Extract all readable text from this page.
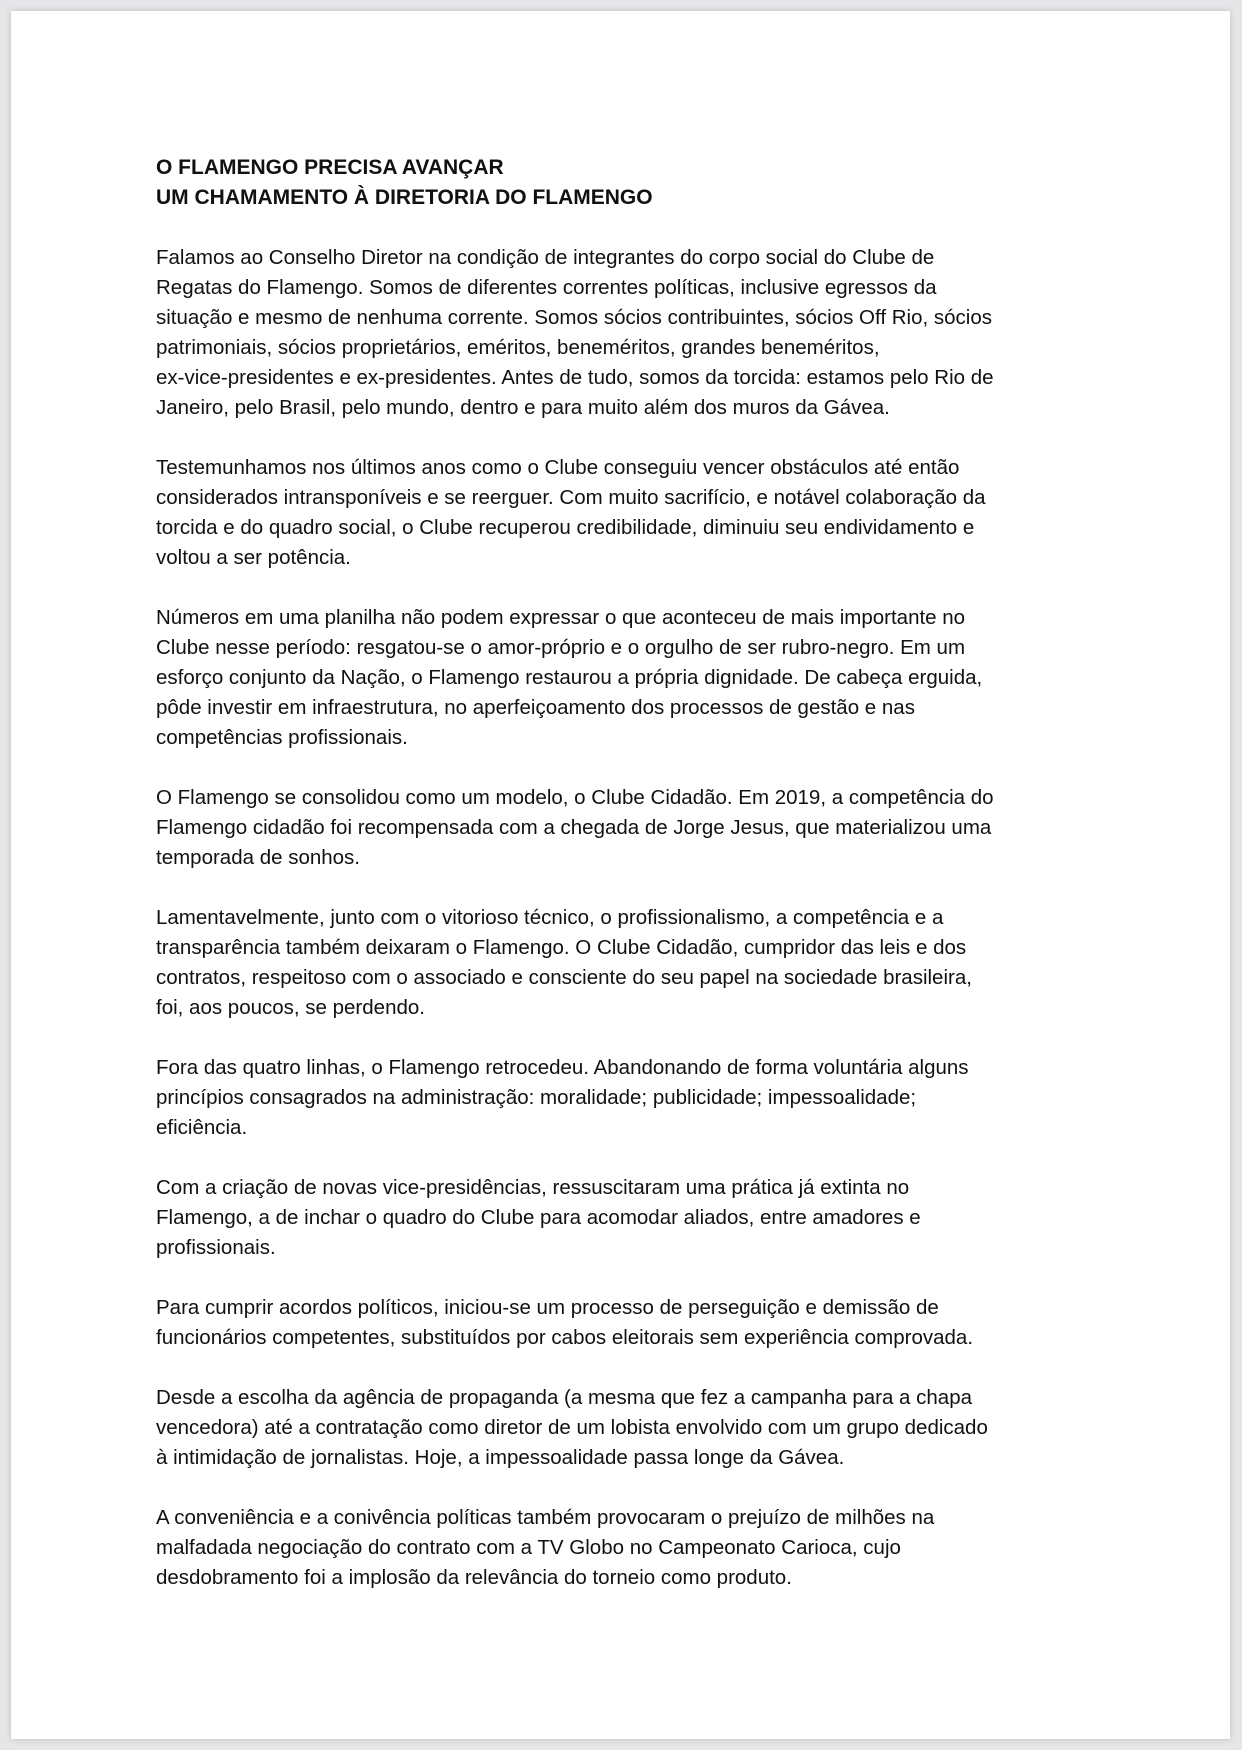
O FLAMENGO PRECISA AVANÇAR
UM CHAMAMENTO À DIRETORIA DO FLAMENGO

Falamos ao Conselho Diretor na condição de integrantes do corpo social do Clube de
Regatas do Flamengo. Somos de diferentes correntes políticas, inclusive egressos da
situação e mesmo de nenhuma corrente. Somos sócios contribuintes, sócios Off Rio, sócios
patrimoniais, sócios proprietários, eméritos, beneméritos, grandes beneméritos,
ex-vice-presidentes e ex-presidentes. Antes de tudo, somos da torcida: estamos pelo Rio de
Janeiro, pelo Brasil, pelo mundo, dentro e para muito além dos muros da Gávea.

Testemunhamos nos últimos anos como o Clube conseguiu vencer obstáculos até então
considerados intransponíveis e se reerguer. Com muito sacrifício, e notável colaboração da
torcida e do quadro social, o Clube recuperou credibilidade, diminuiu seu endividamento e
voltou a ser potência.

Números em uma planilha não podem expressar o que aconteceu de mais importante no
Clube nesse período: resgatou-se o amor-próprio e o orgulho de ser rubro-negro. Em um
esforço conjunto da Nação, o Flamengo restaurou a própria dignidade. De cabeça erguida,
pôde investir em infraestrutura, no aperfeiçoamento dos processos de gestão e nas
competências profissionais.

O Flamengo se consolidou como um modelo, o Clube Cidadão. Em 2019, a competência do
Flamengo cidadão foi recompensada com a chegada de Jorge Jesus, que materializou uma
temporada de sonhos.

Lamentavelmente, junto com o vitorioso técnico, o profissionalismo, a competência e a
transparência também deixaram o Flamengo. O Clube Cidadão, cumpridor das leis e dos
contratos, respeitoso com o associado e consciente do seu papel na sociedade brasileira,
foi, aos poucos, se perdendo.

Fora das quatro linhas, o Flamengo retrocedeu. Abandonando de forma voluntária alguns
princípios consagrados na administração: moralidade; publicidade; impessoalidade;
eficiência.

Com a criação de novas vice-presidências, ressuscitaram uma prática já extinta no
Flamengo, a de inchar o quadro do Clube para acomodar aliados, entre amadores e
profissionais.

Para cumprir acordos políticos, iniciou-se um processo de perseguição e demissão de
funcionários competentes, substituídos por cabos eleitorais sem experiência comprovada.

Desde a escolha da agência de propaganda (a mesma que fez a campanha para a chapa
vencedora) até a contratação como diretor de um lobista envolvido com um grupo dedicado
à intimidação de jornalistas. Hoje, a impessoalidade passa longe da Gávea.

A conveniência e a conivência políticas também provocaram o prejuízo de milhões na
malfadada negociação do contrato com a TV Globo no Campeonato Carioca, cujo
desdobramento foi a implosão da relevância do torneio como produto.
